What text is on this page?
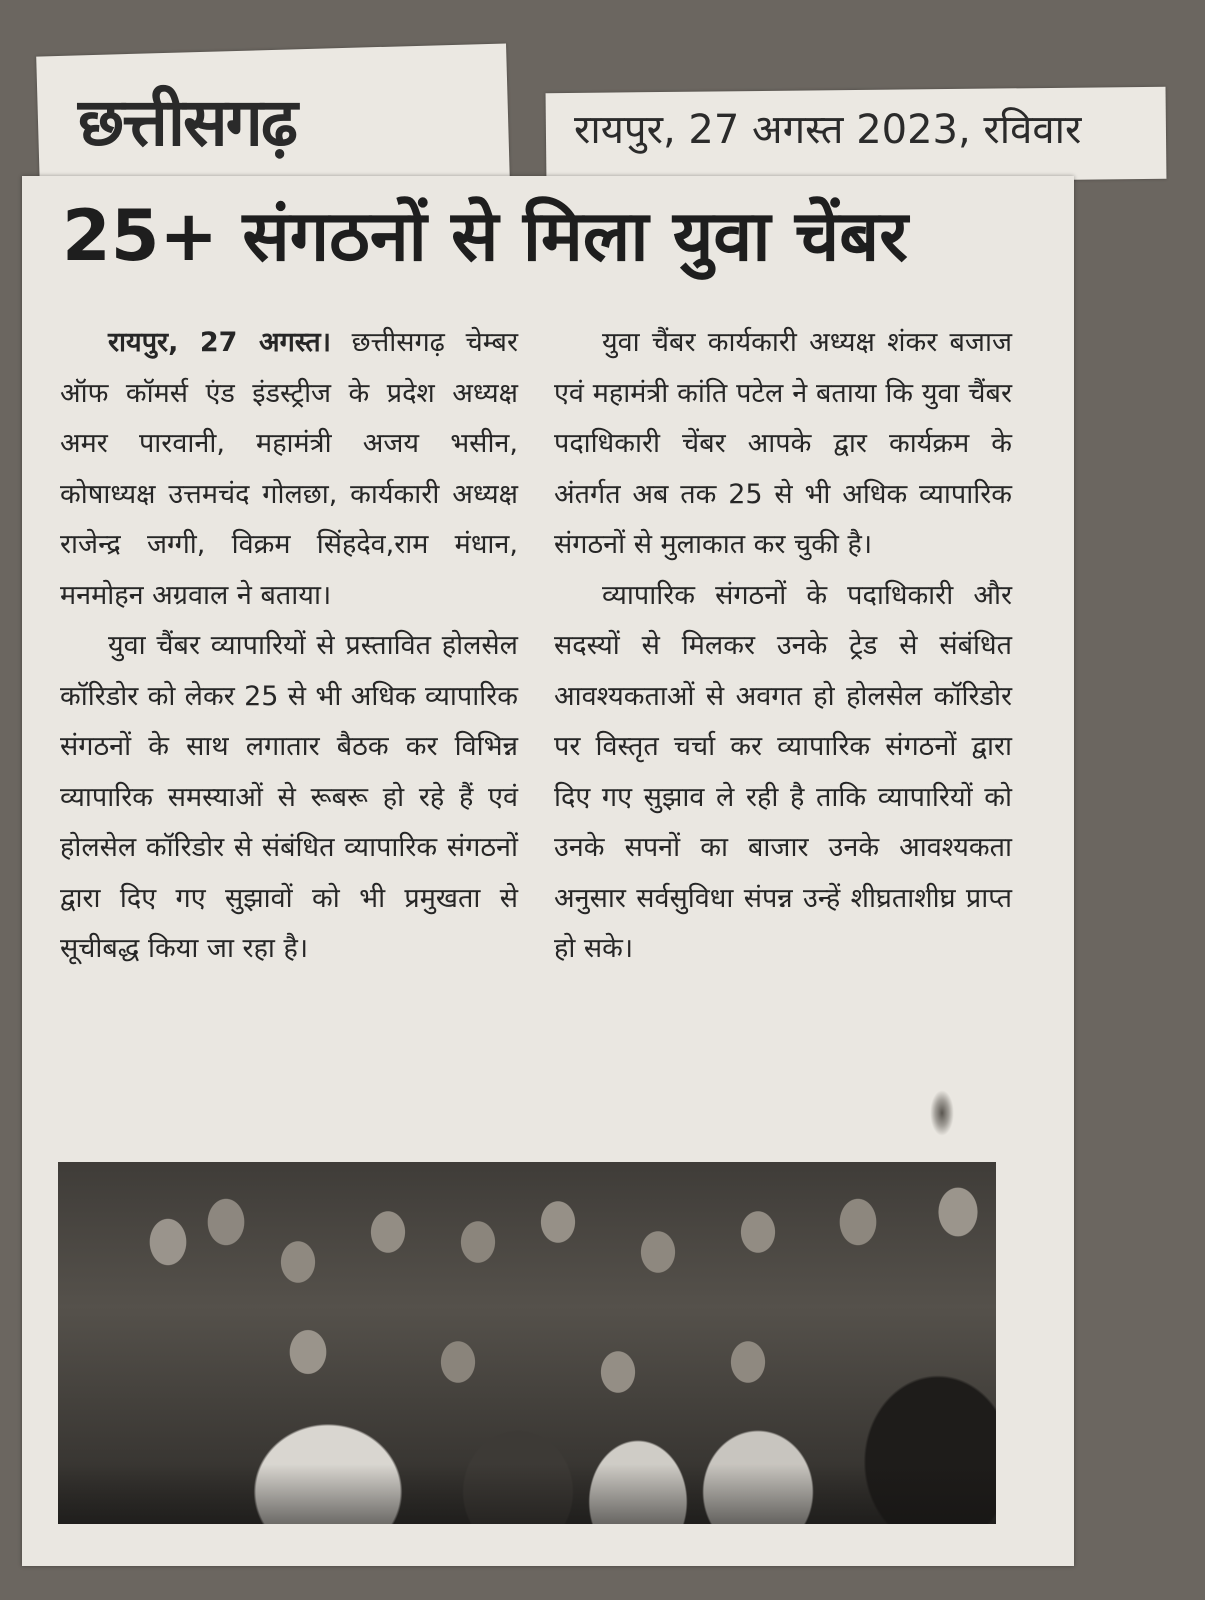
छत्तीसगढ़	रायपुर, 27 अगस्त 2023, रविवार
25+ संगठनों से मिला युवा चेंबर

रायपुर, 27 अगस्त। छत्तीसगढ़ चेम्बर ऑफ कॉमर्स एंड इंडस्ट्रीज के प्रदेश अध्यक्ष अमर पारवानी, महामंत्री अजय भसीन, कोषाध्यक्ष उत्तमचंद गोलछा, कार्यकारी अध्यक्ष राजेन्द्र जग्गी, विक्रम सिंहदेव,राम मंधान, मनमोहन अग्रवाल ने बताया।

युवा चैंबर व्यापारियों से प्रस्तावित होलसेल कॉरिडोर को लेकर 25 से भी अधिक व्यापारिक संगठनों के साथ लगातार बैठक कर विभिन्न व्यापारिक समस्याओं से रूबरू हो रहे हैं एवं होलसेल कॉरिडोर से संबंधित व्यापारिक संगठनों द्वारा दिए गए सुझावों को भी प्रमुखता से सूचीबद्ध किया जा रहा है।

युवा चैंबर कार्यकारी अध्यक्ष शंकर बजाज एवं महामंत्री कांति पटेल ने बताया कि युवा चैंबर पदाधिकारी चेंबर आपके द्वार कार्यक्रम के अंतर्गत अब तक 25 से भी अधिक व्यापारिक संगठनों से मुलाकात कर चुकी है।

व्यापारिक संगठनों के पदाधिकारी और सदस्यों से मिलकर उनके ट्रेड से संबंधित आवश्यकताओं से अवगत हो होलसेल कॉरिडोर पर विस्तृत चर्चा कर व्यापारिक संगठनों द्वारा दिए गए सुझाव ले रही है ताकि व्यापारियों को उनके सपनों का बाजार उनके आवश्यकता अनुसार सर्वसुविधा संपन्न उन्हें शीघ्रताशीघ्र प्राप्त हो सके।
